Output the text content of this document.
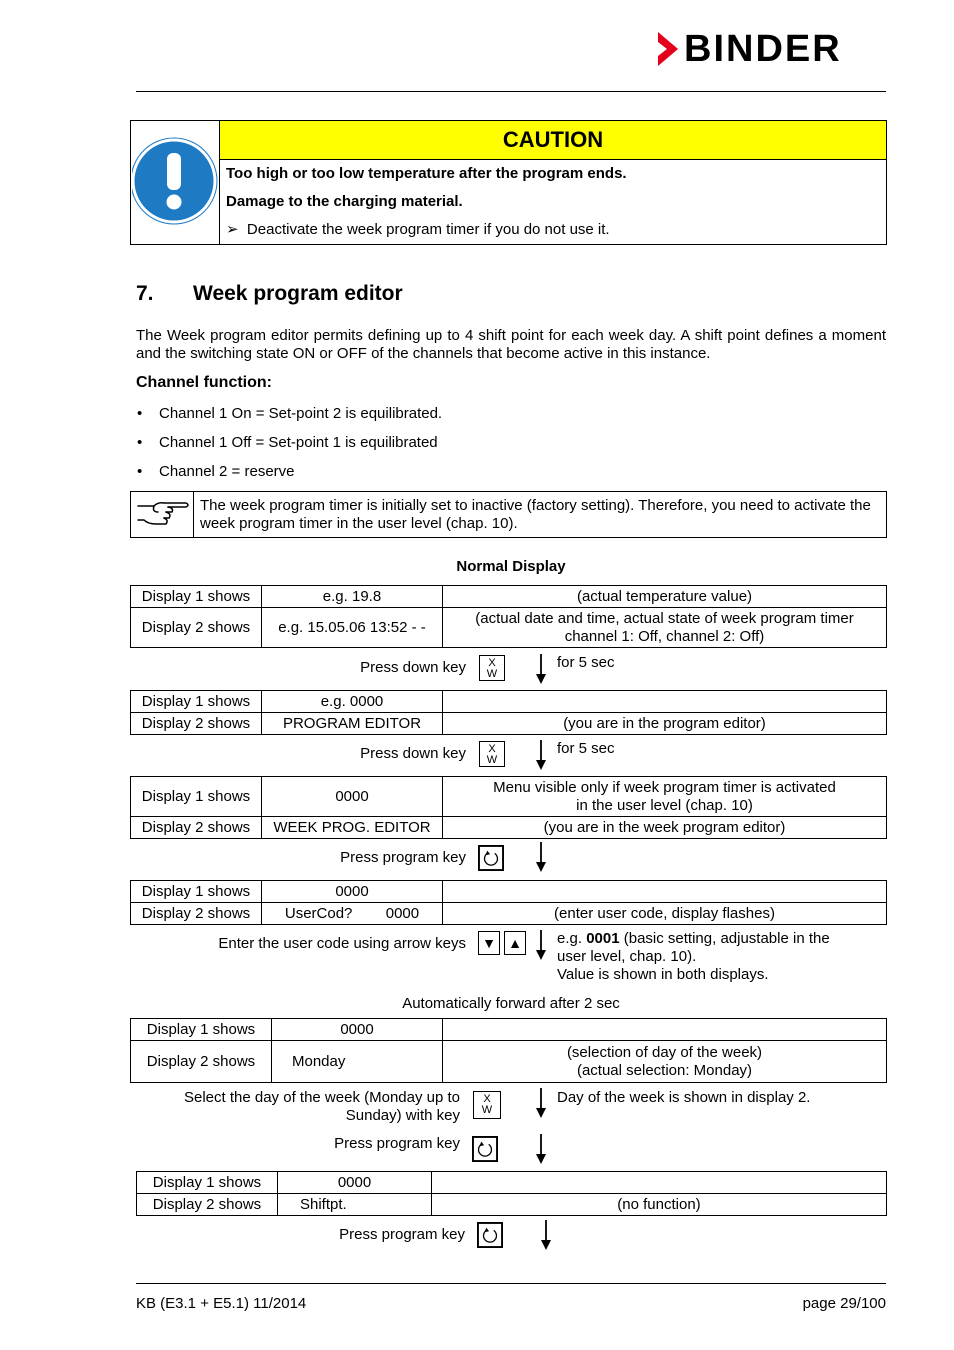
BINDER
	CAUTION
Too high or too low temperature after the program ends.
Damage to the charging material.
➢ Deactivate the week program timer if you do not use it.
7. Week program editor
The Week program editor permits defining up to 4 shift point for each week day. A shift point defines a moment and the switching state ON or OFF of the channels that become active in this instance.
Channel function:
• Channel 1 On = Set-point 2 is equilibrated.
• Channel 1 Off = Set-point 1 is equilibrated
• Channel 2 = reserve
	The week program timer is initially set to inactive (factory setting). Therefore, you need to activate the week program timer in the user level (chap. 10).
Normal Display
Display 1 shows	e.g. 19.8	(actual temperature value)
Display 2 shows	e.g. 15.05.06 13:52 - -	(actual date and time, actual state of week program timer
channel 1: Off, channel 2: Off)
Press down key	X
W
for 5 sec
Display 1 shows	e.g. 0000	
Display 2 shows	PROGRAM EDITOR	(you are in the program editor)
Press down key	X
W
for 5 sec
Display 1 shows	0000	Menu visible only if week program timer is activated
in the user level (chap. 10)
Display 2 shows	WEEK PROG. EDITOR	(you are in the week program editor)
Press program key
Display 1 shows	0000	
Display 2 shows	UserCod?        0000	(enter user code, display flashes)
Enter the user code using arrow keys ▼ ▲ e.g. 0001 (basic setting, adjustable in the
user level, chap. 10).
Value is shown in both displays.
Automatically forward after 2 sec
Display 1 shows	0000	
Display 2 shows	Monday	(selection of day of the week)
(actual selection: Monday)
Select the day of the week (Monday up to
Sunday) with key
X
W
Day of the week is shown in display 2.
Press program key
Display 1 shows	0000	
Display 2 shows	Shiftpt.	(no function)
Press program key
KB (E3.1 + E5.1) 11/2014	page 29/100
